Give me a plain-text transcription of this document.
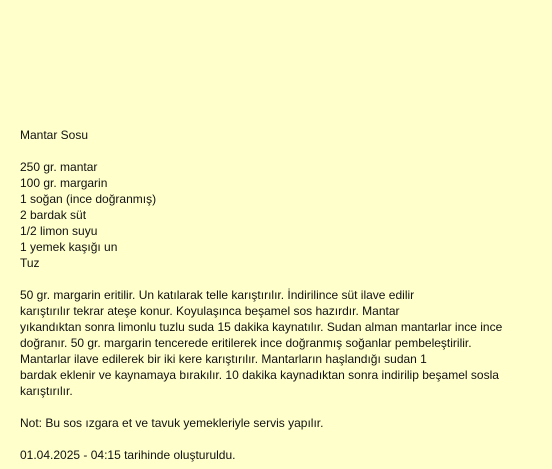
Mantar Sosu
250 gr. mantar
100 gr. margarin
1 soğan (ince doğranmış)
2 bardak süt
1/2 limon suyu
1 yemek kaşığı un
Tuz
50 gr. margarin eritilir. Un katılarak telle karıştırılır. İndirilince süt ilave edilir
karıştırılır tekrar ateşe konur. Koyulaşınca beşamel sos hazırdır. Mantar
yıkandıktan sonra limonlu tuzlu suda 15 dakika kaynatılır. Sudan alman mantarlar ince ince
doğranır. 50 gr. margarin tencerede eritilerek ince doğranmış soğanlar pembeleştirilir.
Mantarlar ilave edilerek bir iki kere karıştırılır. Mantarların haşlandığı sudan 1
bardak eklenir ve kaynamaya bırakılır. 10 dakika kaynadıktan sonra indirilip beşamel sosla
karıştırılır.
Not: Bu sos ızgara et ve tavuk yemekleriyle servis yapılır.
01.04.2025 - 04:15 tarihinde oluşturuldu.
